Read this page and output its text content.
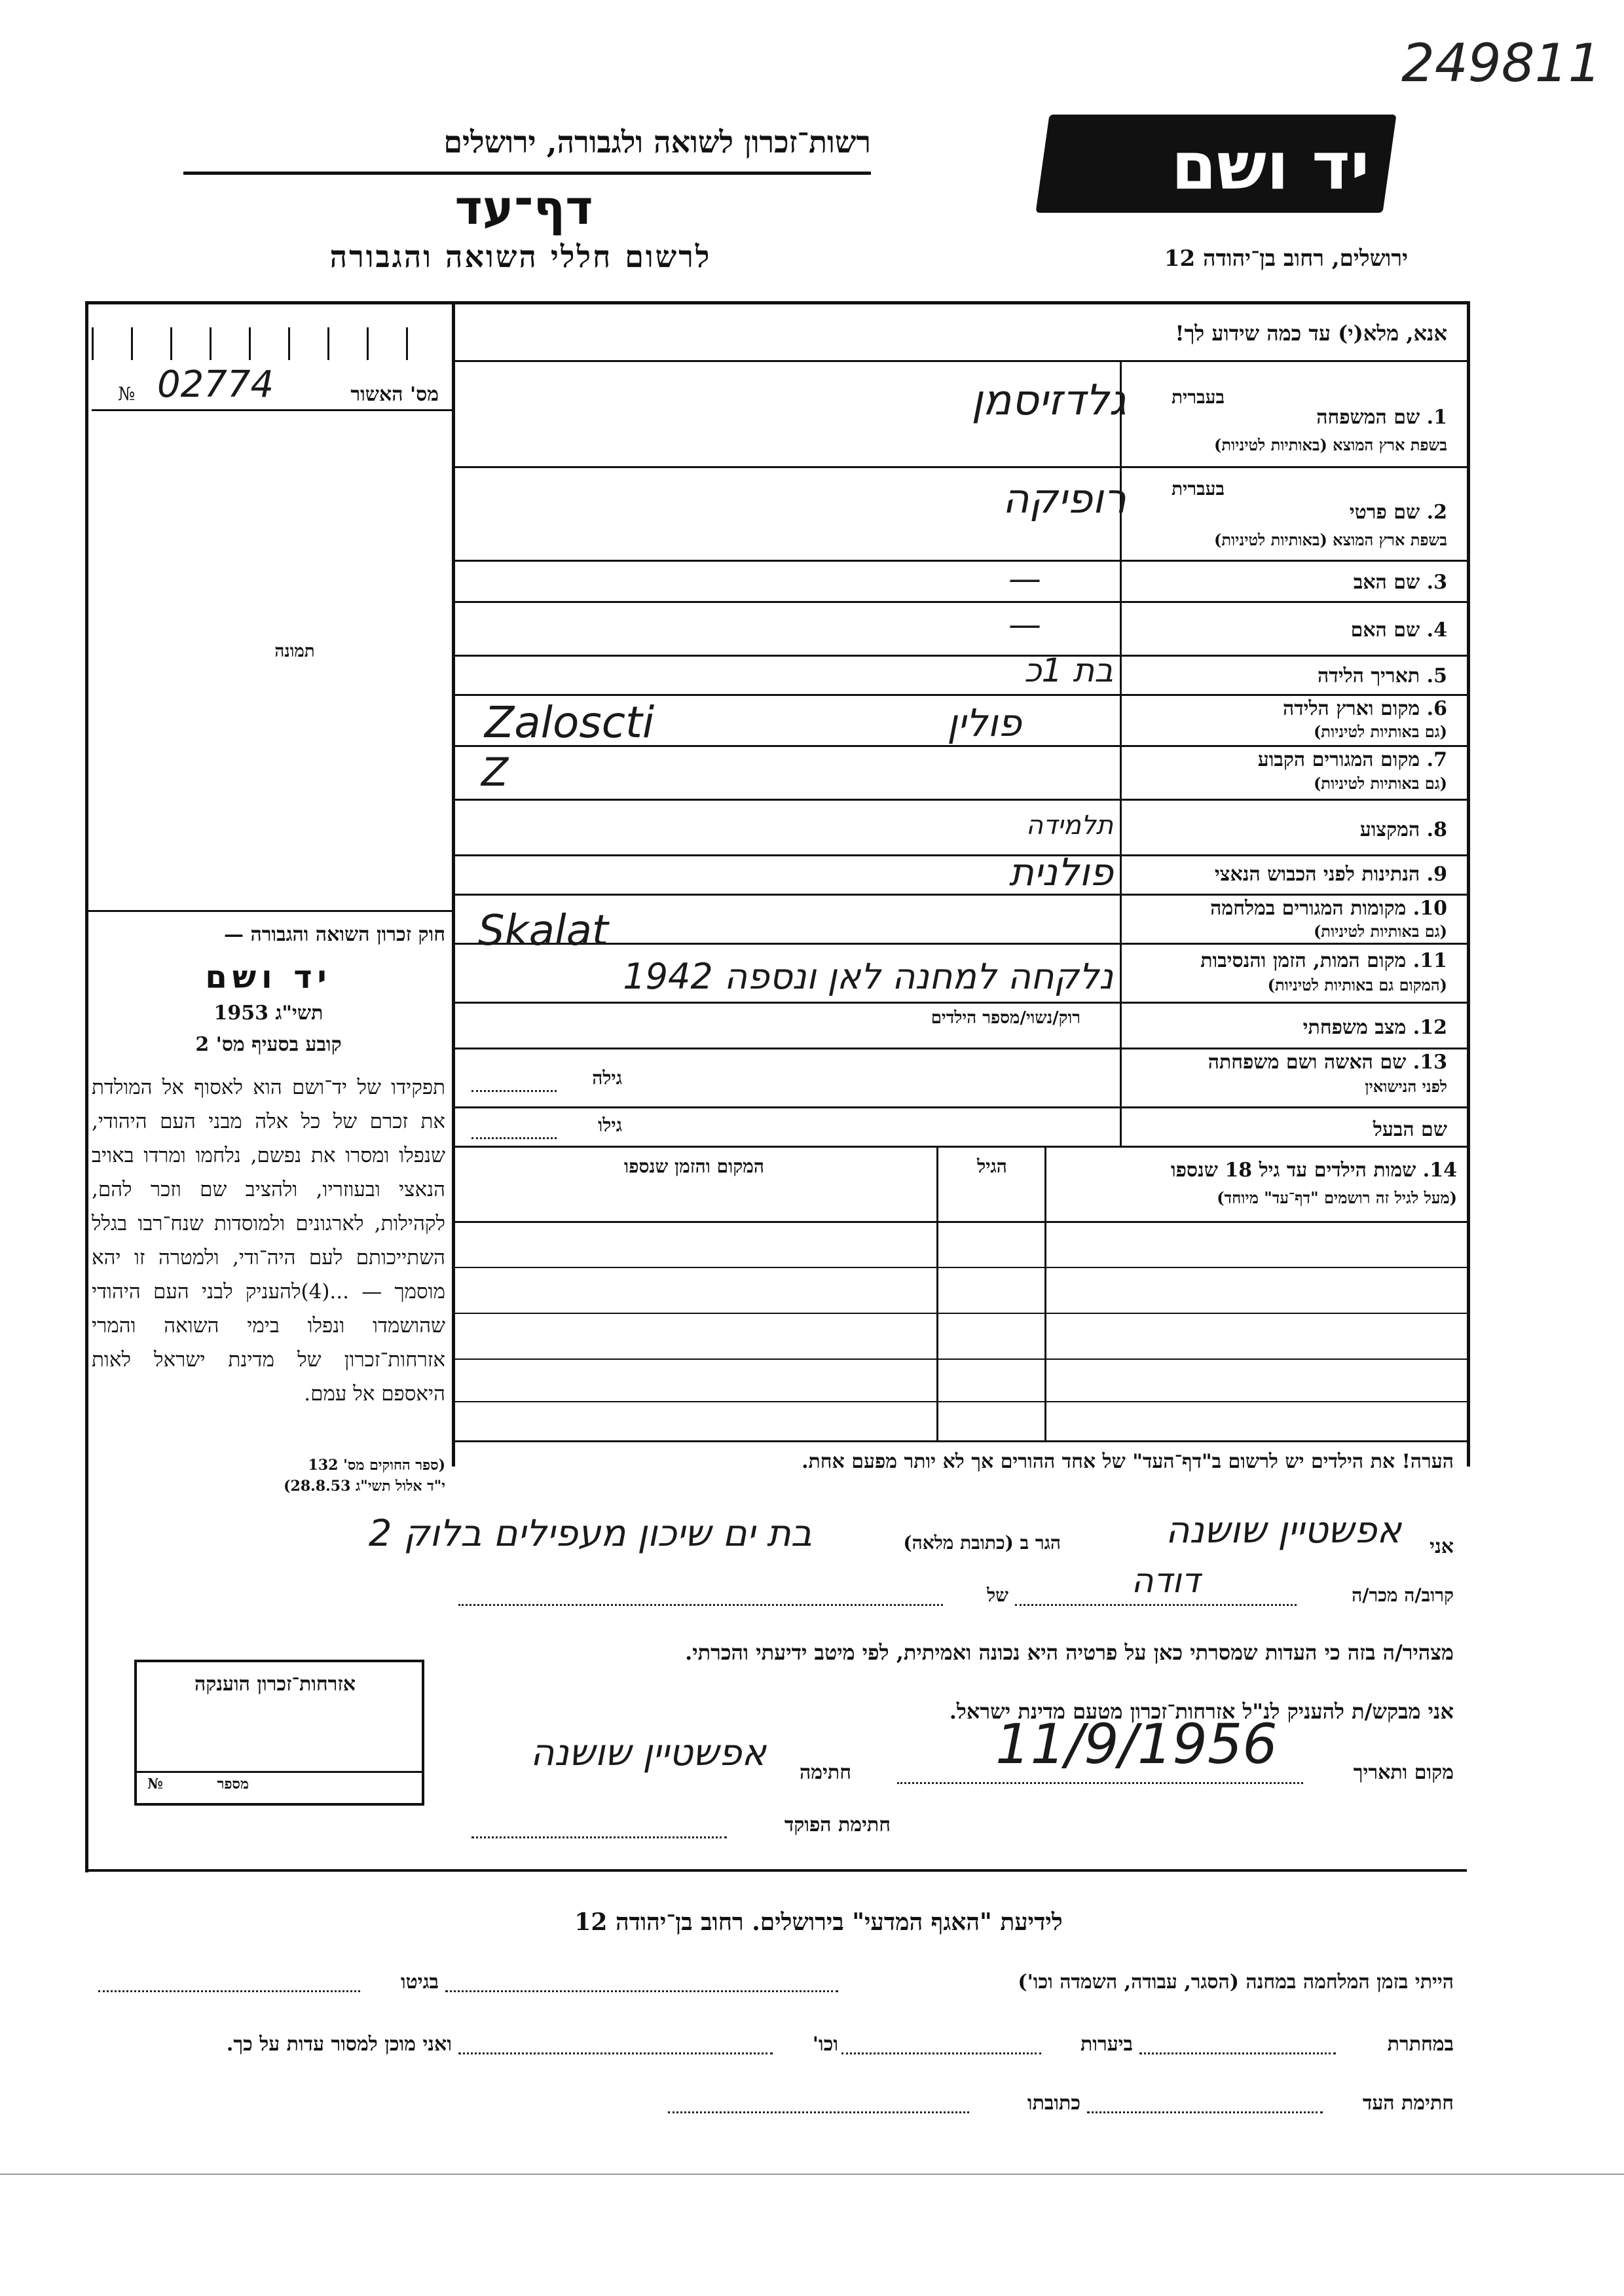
249811
רשות־זכרון לשואה ולגבורה, ירושלים
דף־עד
לרשום חללי השואה והגבורה
יד ושם
ירושלים, רחוב בן־יהודה 12
אנא, מלא(י) עד כמה שידוע לך!
№ 02774	מס' האשור
תמונה
חוק זכרון השואה והגבורה —
יד ושם
תשי"ג 1953
קובע בסעיף מס' 2
תפקידו של יד־ושם הוא לאסוף אל המולדת את זכרם של כל אלה מבני העם היהודי, שנפלו ומסרו את נפשם, נלחמו ומרדו באויב הנאצי ובעוזריו, ולהציב שם וזכר להם, לקהילות, לארגונים ולמוסדות שנח־רבו בגלל השתייכותם לעם היה־ודי, ולמטרה זו יהא מוסמך — ...(4)להעניק לבני העם היהודי שהושמדו ונפלו בימי השואה והמרי אזרחות־זכרון של מדינת ישראל לאות היאספם אל עמם.
(ספר החוקים מס' 132
י"ד אלול תשי"ג 28.8.53)
בעברית
1. שם המשפחה
בשפת ארץ המוצא (באותיות לטיניות)
גלדזיסמן
בעברית
2. שם פרטי
בשפת ארץ המוצא (באותיות לטיניות)
רופיקה
3. שם האב
—
4. שם האם
—
5. תאריך הלידה
בת 1כ
6. מקום וארץ הלידה
(גם באותיות לטיניות)
Zaloscti	פולין
7. מקום המגורים הקבוע
(גם באותיות לטיניות)
Z
8. המקצוע
תלמידה
9. הנתינות לפני הכבוש הנאצי
פולנית
10. מקומות המגורים במלחמה
(גם באותיות לטיניות)
Skalat
11. מקום המות, הזמן והנסיבות
(המקום גם באותיות לטיניות)
נלקחה למחנה לאן ונספה 1942
12. מצב משפחתי
רוק/נשוי/מספר הילדים
13. שם האשה ושם משפחתה
לפני הנישואין
גילה
שם הבעל
גילו
14. שמות הילדים עד גיל 18 שנספו
(מעל לגיל זה רושמים "דף־עד" מיוחד)
הגיל
המקום והזמן שנספו
הערה! את הילדים יש לרשום ב"דף־העד" של אחד ההורים אך לא יותר מפעם אחת.
אני
אפשטיין שושנה
הגר ב (כתובת מלאה)
בת ים שיכון מעפילים בלוק 2
קרוב/ה מכר/ה
דודה
של
מצהיר/ה בזה כי העדות שמסרתי כאן על פרטיה היא נכונה ואמיתית, לפי מיטב ידיעתי והכרתי.
אני מבקש/ת להעניק לנ"ל אזרחות־זכרון מטעם מדינת ישראל.
מקום ותאריך
11/9/1956
חתימה
אפשטיין שושנה
חתימת הפוקד
אזרחות־זכרון הוענקה
מספר
№
לידיעת "האגף המדעי" בירושלים. רחוב בן־יהודה 12
הייתי בזמן המלחמה במחנה (הסגר, עבודה, השמדה וכו')
בגיטו
במחתרת
ביערות
וכו'
ואני מוכן למסור עדות על כך.
חתימת העד
כתובתו
